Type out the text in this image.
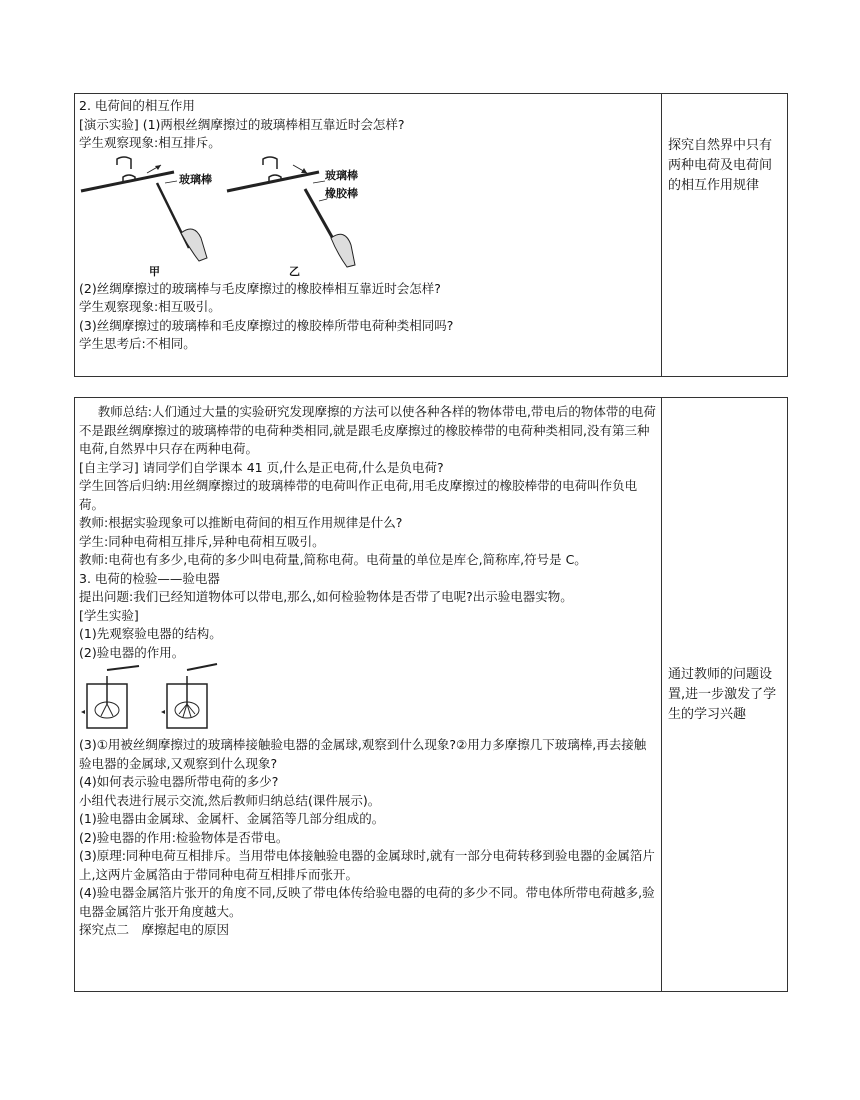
2. 电荷间的相互作用
[演示实验] (1)两根丝绸摩擦过的玻璃棒相互靠近时会怎样?
学生观察现象:相互排斥。
玻璃棒	玻璃棒
橡胶棒
甲	乙
(2)丝绸摩擦过的玻璃棒与毛皮摩擦过的橡胶棒相互靠近时会怎样?
学生观察现象:相互吸引。
(3)丝绸摩擦过的玻璃棒和毛皮摩擦过的橡胶棒所带电荷种类相同吗?
学生思考后:不相同。
探究自然界中只有两种电荷及电荷间的相互作用规律
教师总结:人们通过大量的实验研究发现摩擦的方法可以使各种各样的物体带电,带电后的物体带的电荷不是跟丝绸摩擦过的玻璃棒带的电荷种类相同,就是跟毛皮摩擦过的橡胶棒带的电荷种类相同,没有第三种电荷,自然界中只存在两种电荷。
[自主学习] 请同学们自学课本 41 页,什么是正电荷,什么是负电荷?
学生回答后归纳:用丝绸摩擦过的玻璃棒带的电荷叫作正电荷,用毛皮摩擦过的橡胶棒带的电荷叫作负电荷。
教师:根据实验现象可以推断电荷间的相互作用规律是什么?
学生:同种电荷相互排斥,异种电荷相互吸引。
教师:电荷也有多少,电荷的多少叫电荷量,简称电荷。电荷量的单位是库仑,简称库,符号是 C。
3. 电荷的检验——验电器
提出问题:我们已经知道物体可以带电,那么,如何检验物体是否带了电呢?出示验电器实物。
[学生实验]
(1)先观察验电器的结构。
(2)验电器的作用。
(3)①用被丝绸摩擦过的玻璃棒接触验电器的金属球,观察到什么现象?②用力多摩擦几下玻璃棒,再去接触验电器的金属球,又观察到什么现象?
(4)如何表示验电器所带电荷的多少?
小组代表进行展示交流,然后教师归纳总结(课件展示)。
(1)验电器由金属球、金属杆、金属箔等几部分组成的。
(2)验电器的作用:检验物体是否带电。
(3)原理:同种电荷互相排斥。当用带电体接触验电器的金属球时,就有一部分电荷转移到验电器的金属箔片上,这两片金属箔由于带同种电荷互相排斥而张开。
(4)验电器金属箔片张开的角度不同,反映了带电体传给验电器的电荷的多少不同。带电体所带电荷越多,验电器金属箔片张开角度越大。
探究点二　摩擦起电的原因
通过教师的问题设置,进一步激发了学生的学习兴趣
